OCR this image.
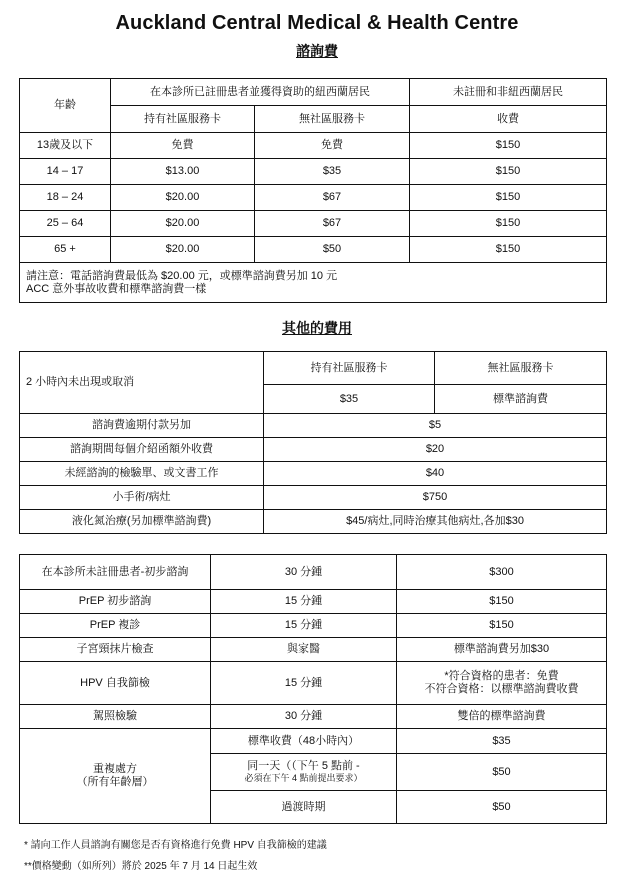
Auckland Central Medical & Health Centre
諮詢費
年齡	在本診所已註冊患者並獲得資助的紐西蘭居民		未註冊和非紐西蘭居民
	持有社區服務卡	無社區服務卡	收費
13歲及以下	免費	免費	$150
14 – 17	$13.00	$35	$150
18 – 24	$20.00	$67	$150
25 – 64	$20.00	$67	$150
65 +	$20.00	$50	$150

請注意：電話諮詢費最低為 $20.00 元，或標準諮詢費另加 10 元
ACC 意外事故收費和標準諮詢費一樣			
其他的費用
2 小時內未出現或取消	持有社區服務卡	無社區服務卡
	$35	標準諮詢費
諮詢費逾期付款另加	$5	
諮詢期間每個介紹函額外收費	$20	
未經諮詢的檢驗單、或文書工作	$40	
小手術/病灶	$750	
液化氮治療(另加標準諮詢費)	$45/病灶,同時治療其他病灶,各加$30	
在本診所未註冊患者-初步諮詢	30 分鍾	$300
PrEP 初步諮詢	15 分鍾	$150
PrEP 複診	15 分鍾	$150
子宮頸抹片檢查	與家醫	標準諮詢費另加$30
HPV 自我篩檢	15 分鍾	*符合資格的患者：免費
不符合資格：以標準諮詢費收費

駕照檢驗	30 分鍾	雙倍的標準諮詢費

重複處方
（所有年齡層）	標準收費（48小時內）	$35

	同一天（（下午 5 點前 -
必須在下午 4 點前提出要求）	$50
	過渡時期	$50
* 請向工作人員諮詢有關您是否有資格進行免費 HPV 自我篩檢的建議
**價格變動（如所列）將於 2025 年 7 月 14 日起生效
